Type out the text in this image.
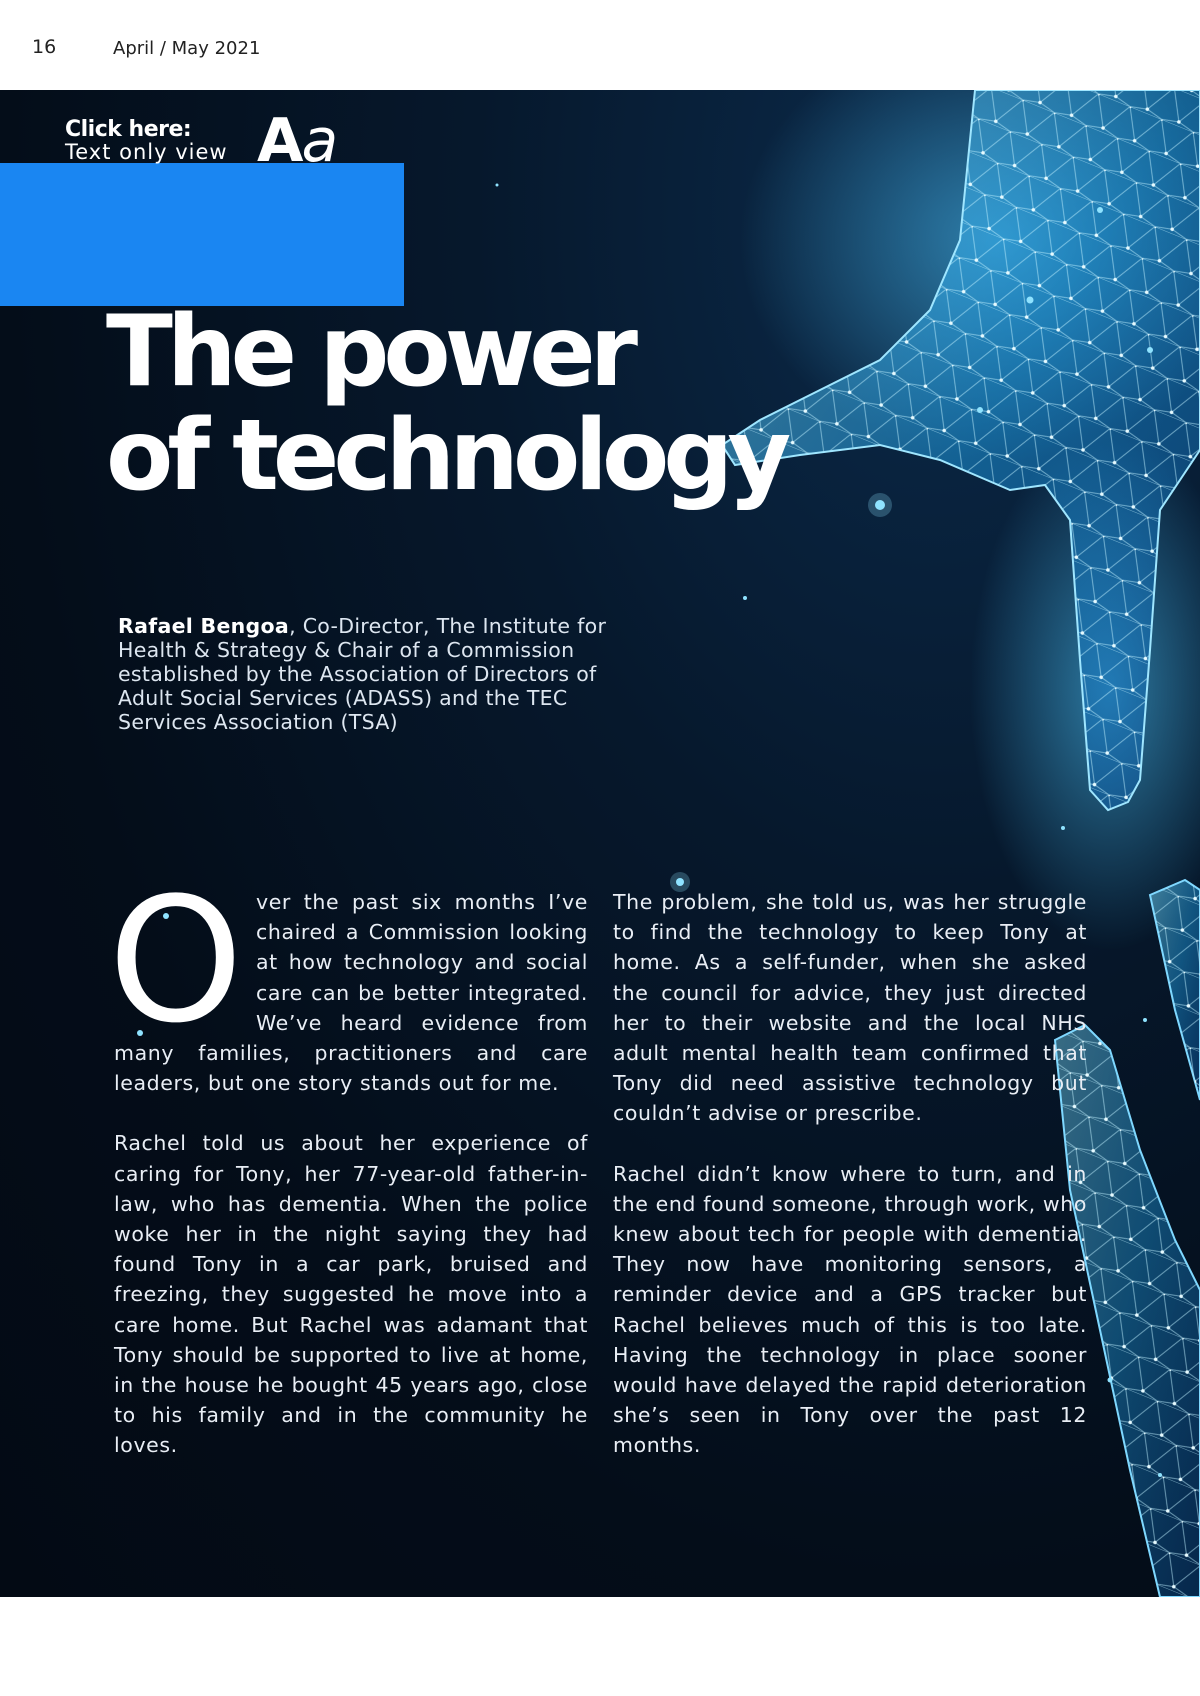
16	April / May 2021
Click here:
Text only view Aa
The power
of technology
Rafael Bengoa, Co-Director, The Institute for Health & Strategy & Chair of a Commission established by the Association of Directors of Adult Social Services (ADASS) and the TEC Services Association (TSA)

Over the past six months I’ve chaired a Commission looking at how technology and social care can be better integrated. We’ve heard evidence from many families, practitioners and care leaders, but one story stands out for me.

Rachel told us about her experience of caring for Tony, her 77-year-old father-in-law, who has dementia. When the police woke her in the night saying they had found Tony in a car park, bruised and freezing, they suggested he move into a care home. But Rachel was adamant that Tony should be supported to live at home, in the house he bought 45 years ago, close to his family and in the community he loves.

The problem, she told us, was her struggle to find the technology to keep Tony at home. As a self-funder, when she asked the council for advice, they just directed her to their website and the local NHS adult mental health team confirmed that Tony did need assistive technology but couldn’t advise or prescribe.

Rachel didn’t know where to turn, and in the end found someone, through work, who knew about tech for people with dementia. They now have monitoring sensors, a reminder device and a GPS tracker but Rachel believes much of this is too late. Having the technology in place sooner would have delayed the rapid deterioration she’s seen in Tony over the past 12 months.
